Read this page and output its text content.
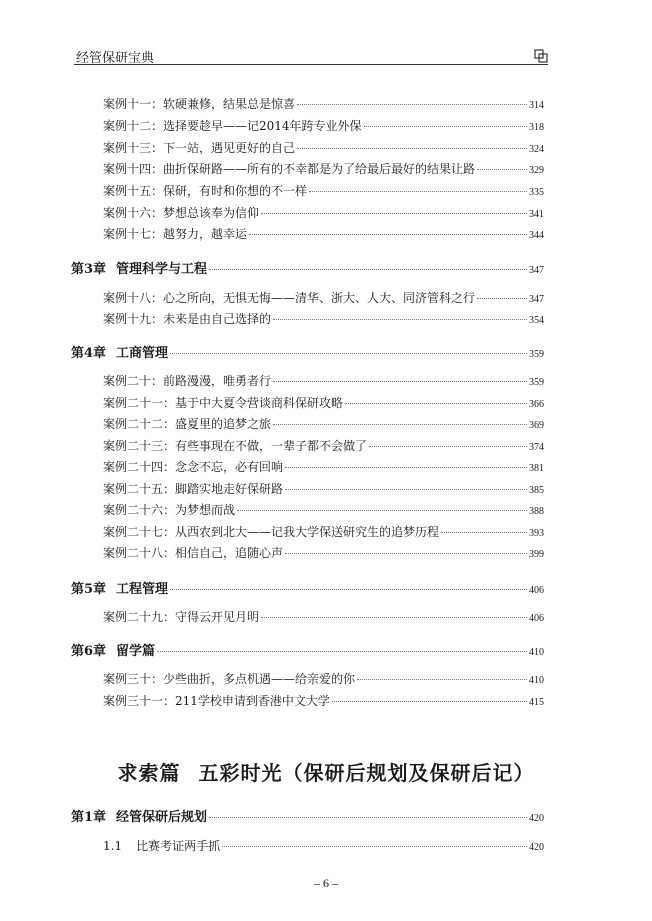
经管保研宝典
案例十一： 软硬兼修，结果总是惊喜	314
案例十二： 选择要趁早——记2014年跨专业外保	318
案例十三： 下一站，遇见更好的自己	324
案例十四： 曲折保研路——所有的不幸都是为了给最后最好的结果让路	329
案例十五： 保研，有时和你想的不一样	335
案例十六： 梦想总该奉为信仰	341
案例十七： 越努力，越幸运	344
第3章 管理科学与工程	347
案例十八： 心之所向，无惧无悔——清华、浙大、人大、同济管科之行	347
案例十九： 未来是由自己选择的	354
第4章 工商管理	359
案例二十： 前路漫漫，唯勇者行	359
案例二十一： 基于中大夏令营谈商科保研攻略	366
案例二十二： 盛夏里的追梦之旅	369
案例二十三： 有些事现在不做，一辈子都不会做了	374
案例二十四： 念念不忘，必有回响	381
案例二十五： 脚踏实地走好保研路	385
案例二十六： 为梦想而战	388
案例二十七： 从西农到北大——记我大学保送研究生的追梦历程	393
案例二十八： 相信自己，追随心声	399
第5章 工程管理	406
案例二十九： 守得云开见月明	406
第6章 留学篇	410
案例三十： 少些曲折，多点机遇——给亲爱的你	410
案例三十一： 211学校申请到香港中文大学	415
求索篇 五彩时光（保研后规划及保研后记）
第1章 经管保研后规划	420
1.1 比赛考证两手抓	420
– 6 –
